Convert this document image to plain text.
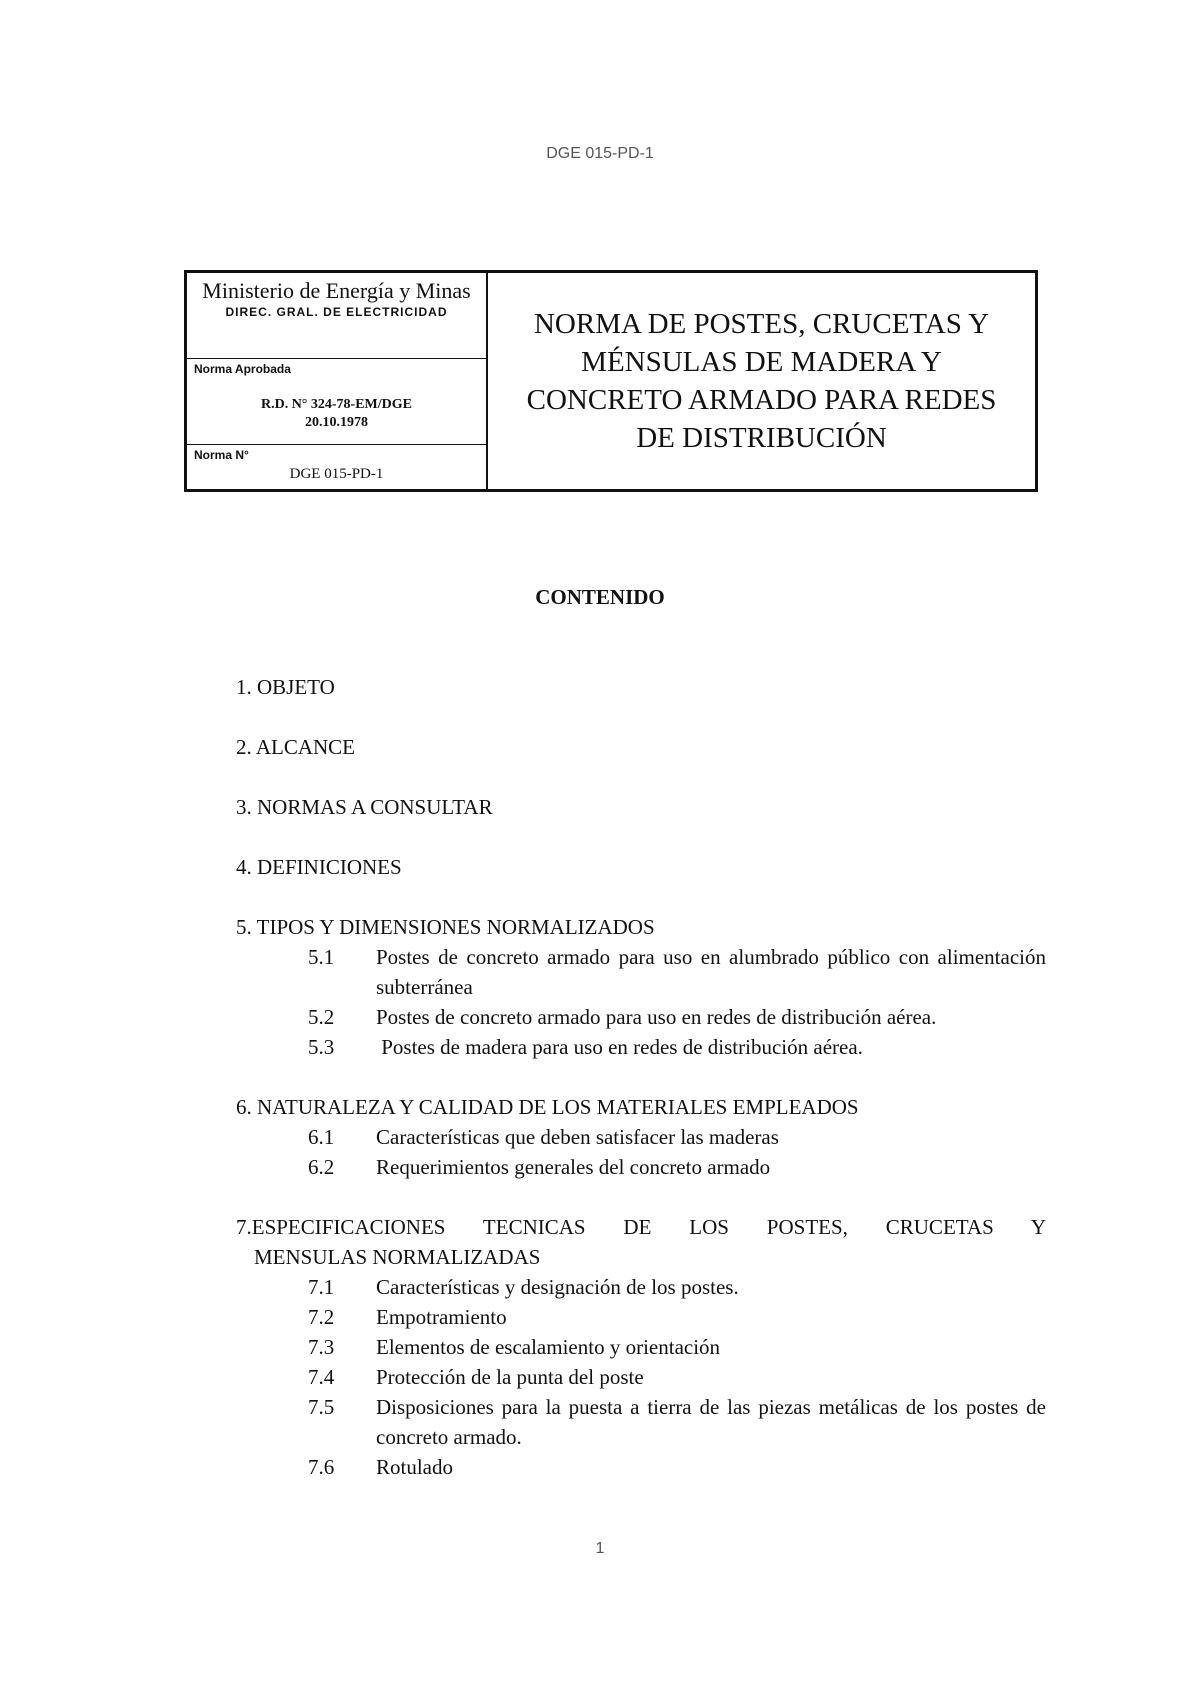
DGE 015-PD-1
Ministerio de Energía y Minas
DIREC. GRAL. DE ELECTRICIDAD
Norma Aprobada
R.D. N° 324-78-EM/DGE
20.10.1978
Norma N°
DGE 015-PD-1
NORMA DE POSTES, CRUCETAS Y MÉNSULAS DE MADERA Y CONCRETO ARMADO PARA REDES DE DISTRIBUCIÓN
CONTENIDO
1. OBJETO
2. ALCANCE
3. NORMAS A CONSULTAR
4. DEFINICIONES
5. TIPOS Y DIMENSIONES NORMALIZADOS
5.1	Postes de concreto armado para uso en alumbrado público con alimentación subterránea
5.2	Postes de concreto armado para uso en redes de distribución aérea.
5.3	Postes de madera para uso en redes de distribución aérea.
6. NATURALEZA Y CALIDAD DE LOS MATERIALES EMPLEADOS
6.1	Características que deben satisfacer las maderas
6.2	Requerimientos generales del concreto armado
7.ESPECIFICACIONES TECNICAS DE LOS POSTES, CRUCETAS Y
MENSULAS NORMALIZADAS
7.1	Características y designación de los postes.
7.2	Empotramiento
7.3	Elementos de escalamiento y orientación
7.4	Protección de la punta del poste
7.5	Disposiciones para la puesta a tierra de las piezas metálicas de los postes de concreto armado.
7.6	Rotulado
1
